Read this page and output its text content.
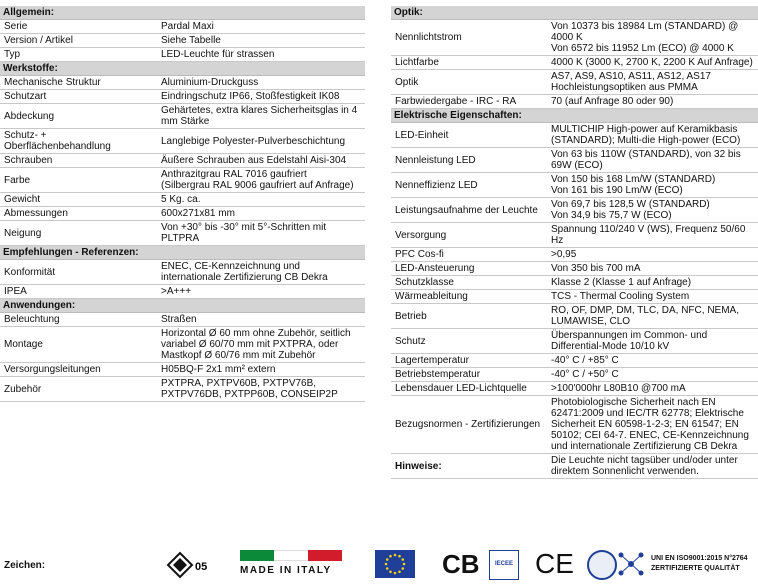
Allgemein:	
Serie	Pardal Maxi
Version / Artikel	Siehe Tabelle
Typ	LED-Leuchte für strassen
Werkstoffe:	
Mechanische Struktur	Aluminium-Druckguss
Schutzart	Eindringschutz IP66, Stoßfestigkeit IK08
Abdeckung	Gehärtetes, extra klares Sicherheitsglas in 4 mm Stärke
Schutz- + Oberflächenbehandlung	Langlebige Polyester-Pulverbeschichtung
Schrauben	Äußere Schrauben aus Edelstahl Aisi-304
Farbe	Anthrazitgrau RAL 7016 gaufriert
(Silbergrau RAL 9006 gaufriert auf Anfrage)
Gewicht	5 Kg. ca.
Abmessungen	600x271x81 mm
Neigung	Von +30° bis -30° mit 5°-Schritten mit PLTPRA
Empfehlungen - Referenzen:	
Konformität	ENEC, CE-Kennzeichnung und internationale Zertifizierung CB Dekra
IPEA	>A+++
Anwendungen:	
Beleuchtung	Straßen
Montage	Horizontal Ø 60 mm ohne Zubehör, seitlich variabel Ø 60/70 mm mit PXTPRA, oder Mastkopf Ø 60/76 mm mit Zubehör
Versorgungsleitungen	H05BQ-F 2x1 mm² extern
Zubehör	PXTPRA, PXTPV60B, PXTPV76B, PXTPV76DB, PXTPP60B, CONSEIP2P
Optik:	
Nennlichtstrom	Von 10373 bis 18984 Lm (STANDARD) @ 4000 K
Von 6572 bis 11952 Lm (ECO) @ 4000 K
Lichtfarbe	4000 K (3000 K, 2700 K, 2200 K Auf Anfrage)
Optik	AS7, AS9, AS10, AS11, AS12, AS17
Hochleistungsoptiken aus PMMA
Farbwiedergabe - IRC - RA	70 (auf Anfrage 80 oder 90)
Elektrische Eigenschaften:	
LED-Einheit	MULTICHIP High-power auf Keramikbasis (STANDARD); Multi-die High-power (ECO)
Nennleistung LED	Von 63 bis 110W (STANDARD), von 32 bis 69W (ECO)
Nenneffizienz LED	Von 150 bis 168 Lm/W (STANDARD)
Von 161 bis 190 Lm/W (ECO)
Leistungsaufnahme der Leuchte	Von 69,7 bis 128,5 W (STANDARD)
Von 34,9 bis 75,7 W (ECO)
Versorgung	Spannung 110/240 V (WS), Frequenz 50/60 Hz
PFC Cos-fi	>0,95
LED-Ansteuerung	Von 350 bis 700 mA
Schutzklasse	Klasse 2 (Klasse 1 auf Anfrage)
Wärmeableitung	TCS - Thermal Cooling System
Betrieb	RO, OF, DMP, DM, TLC, DA, NFC, NEMA, LUMAWISE, CLO
Schutz	Überspannungen im Common- und Differential-Mode 10/10 kV
Lagertemperatur	-40° C / +85° C
Betriebstemperatur	-40° C / +50° C
Lebensdauer LED-Lichtquelle	>100'000hr L80B10 @700 mA
Bezugsnormen - Zertifizierungen	Photobiologische Sicherheit nach EN 62471:2009 und IEC/TR 62778; Elektrische Sicherheit EN 60598-1-2-3; EN 61547; EN 50102; CEI 64-7. ENEC, CE-Kennzeichnung und internationale Zertifizierung CB Dekra
Hinweise:	Die Leuchte nicht tagsüber und/oder unter direktem Sonnenlicht verwenden.
Zeichen:	05	MADE IN ITALY	CB	IECEE CE	UNI EN ISO9001:2015 N°2764
ZERTIFIZIERTE QUALITÄT
